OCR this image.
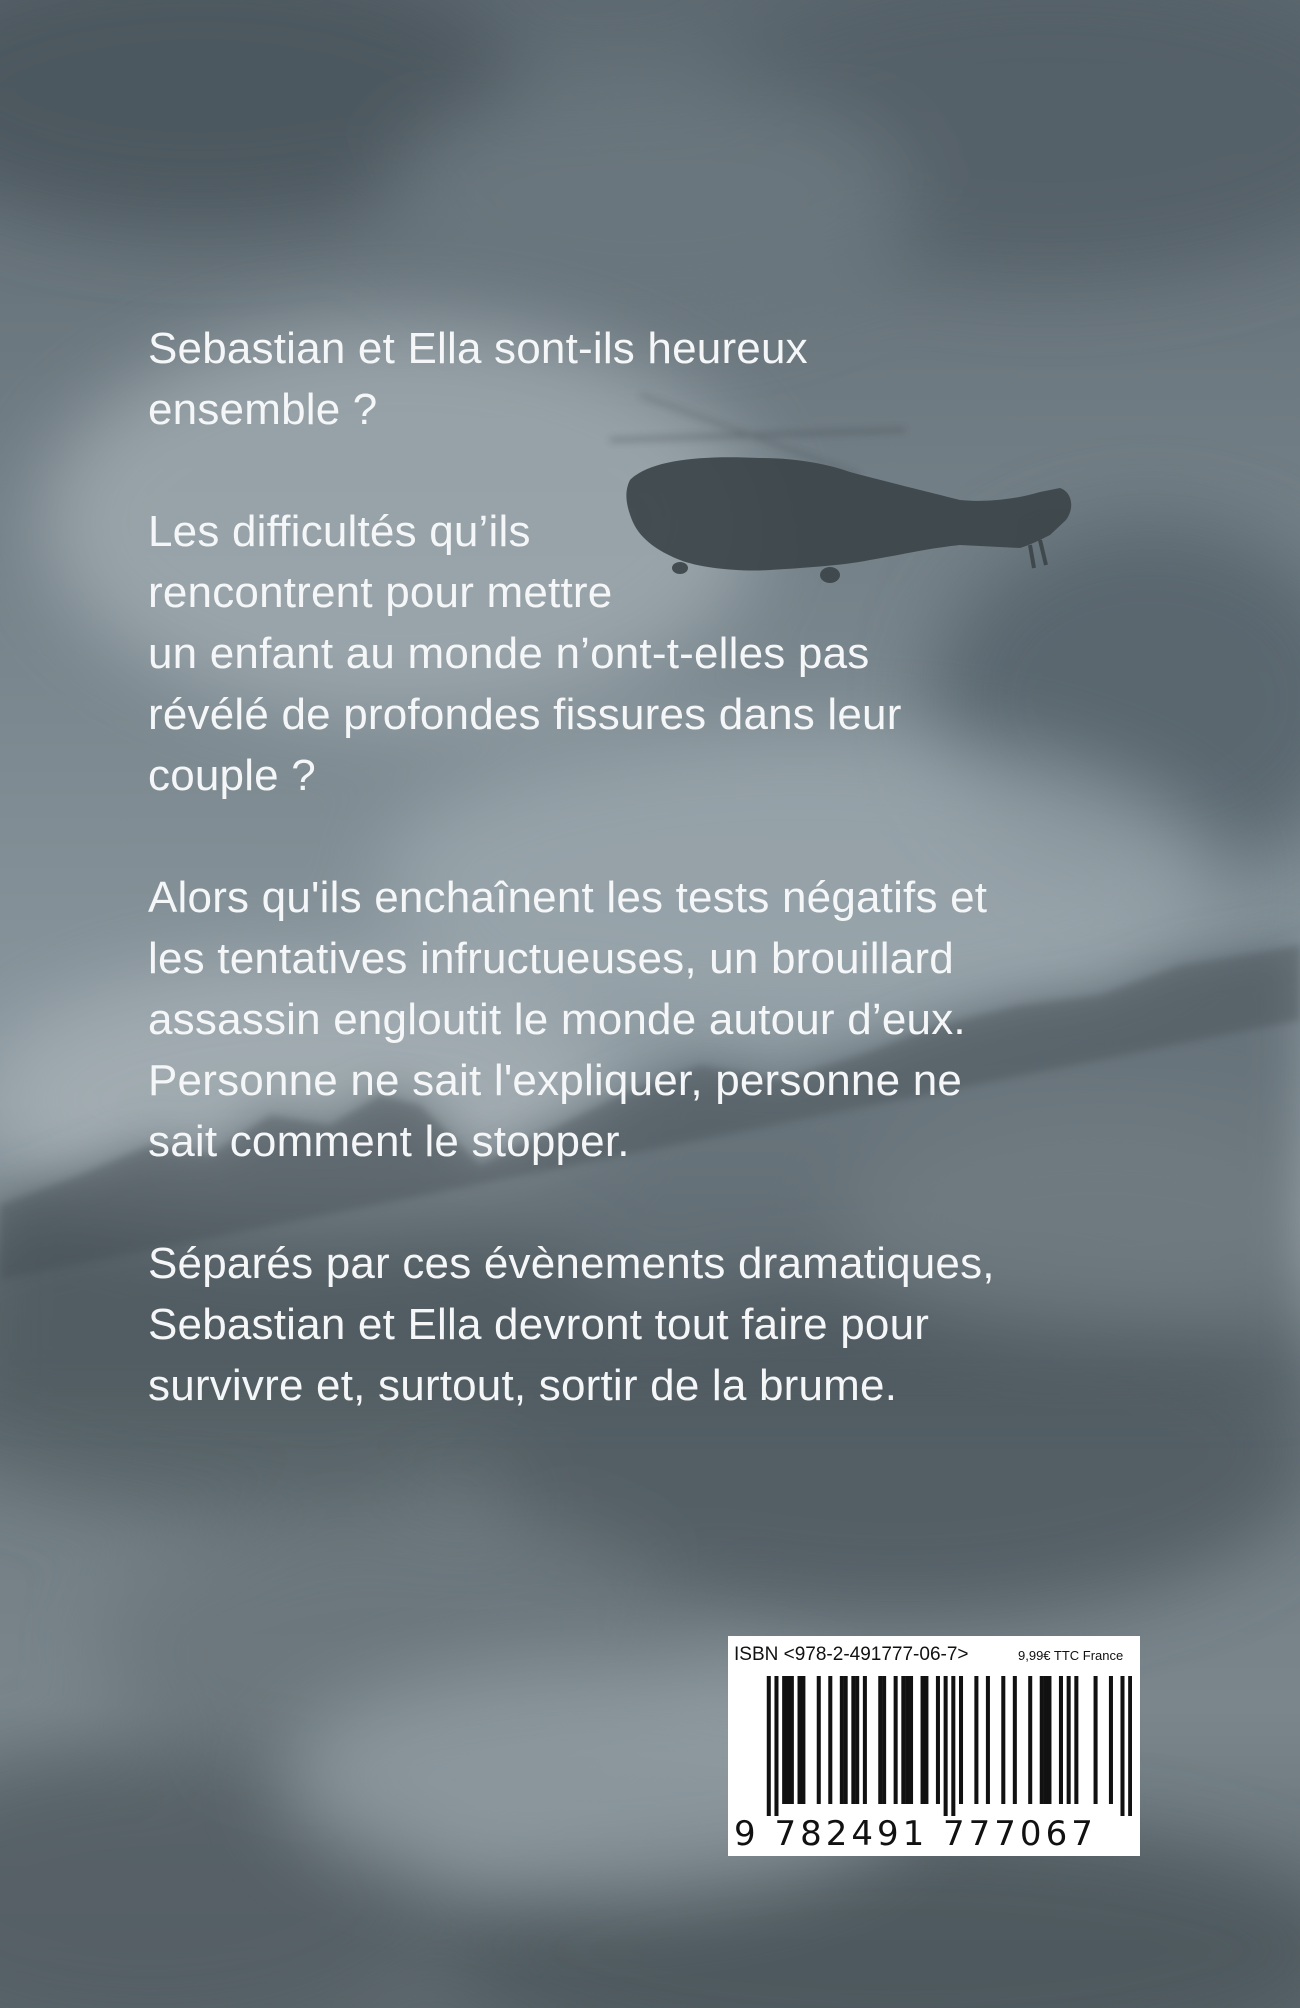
Sebastian et Ella sont-ils heureux
ensemble ?

Les difficultés qu’ils
rencontrent pour mettre
un enfant au monde n’ont-t-elles pas
révélé de profondes fissures dans leur
couple ?

Alors qu'ils enchaînent les tests négatifs et
les tentatives infructueuses, un brouillard
assassin engloutit le monde autour d’eux.
Personne ne sait l'expliquer, personne ne
sait comment le stopper.

Séparés par ces évènements dramatiques,
Sebastian et Ella devront tout faire pour
survivre et, surtout, sortir de la brume.

ISBN <978-2-491777-06-7>	9,99€ TTC France
9 782491 777067
